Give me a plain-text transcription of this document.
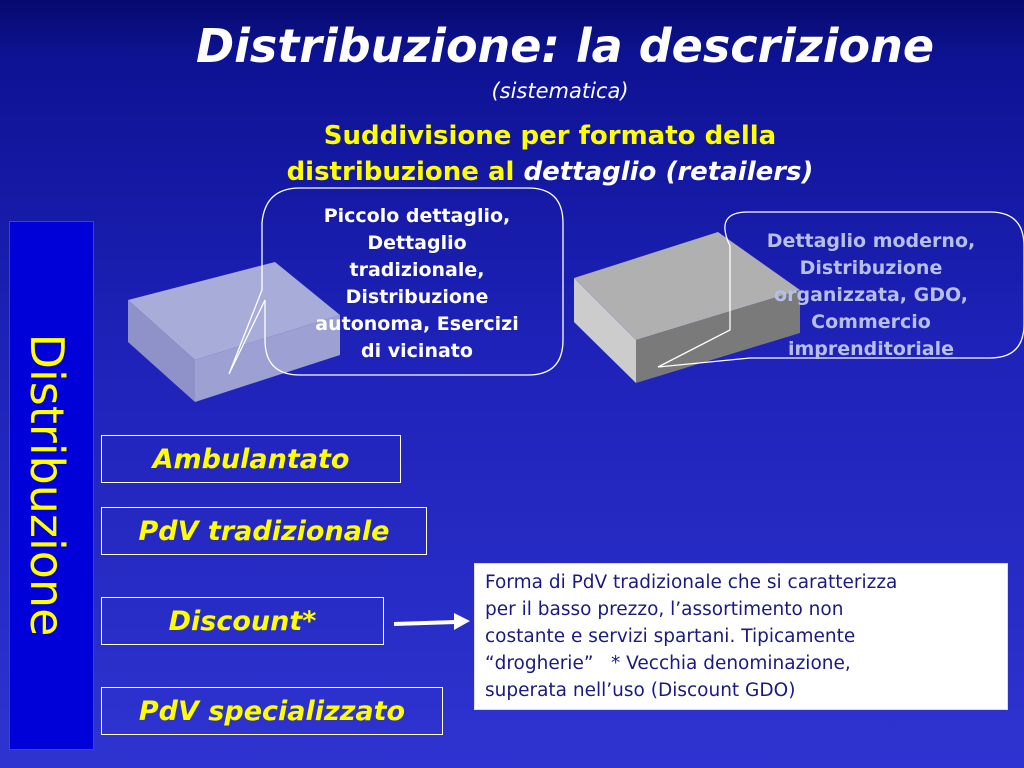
Distribuzione: la descrizione
(sistematica)
Suddivisione per formato della
distribuzione al dettaglio (retailers)
Distribuzione
Piccolo dettaglio,
Dettaglio
tradizionale,
Distribuzione
autonoma, Esercizi
di vicinato
Dettaglio moderno,
Distribuzione
organizzata, GDO,
Commercio
imprenditoriale
Ambulantato
PdV tradizionale
Discount*
PdV specializzato
Forma di PdV tradizionale che si caratterizza
per il basso prezzo, l’assortimento non
costante e servizi spartani. Tipicamente
“drogherie”   * Vecchia denominazione,
superata nell’uso (Discount GDO)
